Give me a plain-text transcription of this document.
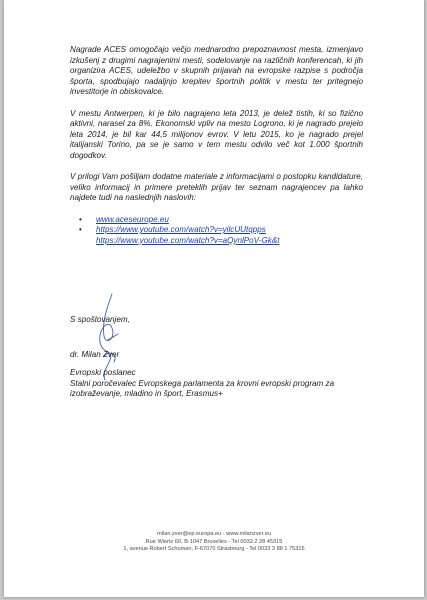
Nagrade ACES omogočajo večjo mednarodno prepoznavnost mesta, izmenjavo izkušenj z drugimi nagrajenimi mesti, sodelovanje na različnih konferencah, ki jih organizira ACES, udeležbo v skupnih prijavah na evropske razpise s področja športa, spodbujajo nadaljnjo krepitev športnih politik v mestu ter pritegnejo investitorje in obiskovalce.

V mestu Antwerpen, ki je bilo nagrajeno leta 2013, je delež tistih, ki so fizično aktivni, narasel za 8%. Ekonomski vpliv na mesto Logrono, ki je nagrado prejelo leta 2014, je bil kar 44,5 milijonov evrov. V letu 2015, ko je nagrado prejel italijanski Torino, pa se je samo v tem mestu odvilo več kot 1.000 športnih dogodkov.

V prilogi Vam pošiljam dodatne materiale z informacijami o postopku kandidature, veliko informacij in primere preteklih prijav ter seznam nagrajencev pa lahko najdete tudi na naslednjih naslovih:

• www.aceseurope.eu
• https://www.youtube.com/watch?v=yilcUUtqpps
https://www.youtube.com/watch?v=aQynlPoV-Gk&t
S spoštovanjem,
dr. Milan Zver
Evropski poslanec
Stalni poročevalec Evropskega parlamenta za krovni evropski program za
izobraževanje, mladino in šport, Erasmus+
milan.zver@ep.europa.eu - www.milanzver.eu
Rue Wiertz 60, B-1047 Bruxelles - Tel 0032 2 28 45315
1, avenue Robert Schuman, F-67070 Strasbourg - Tel 0033 3 88 1 75315
